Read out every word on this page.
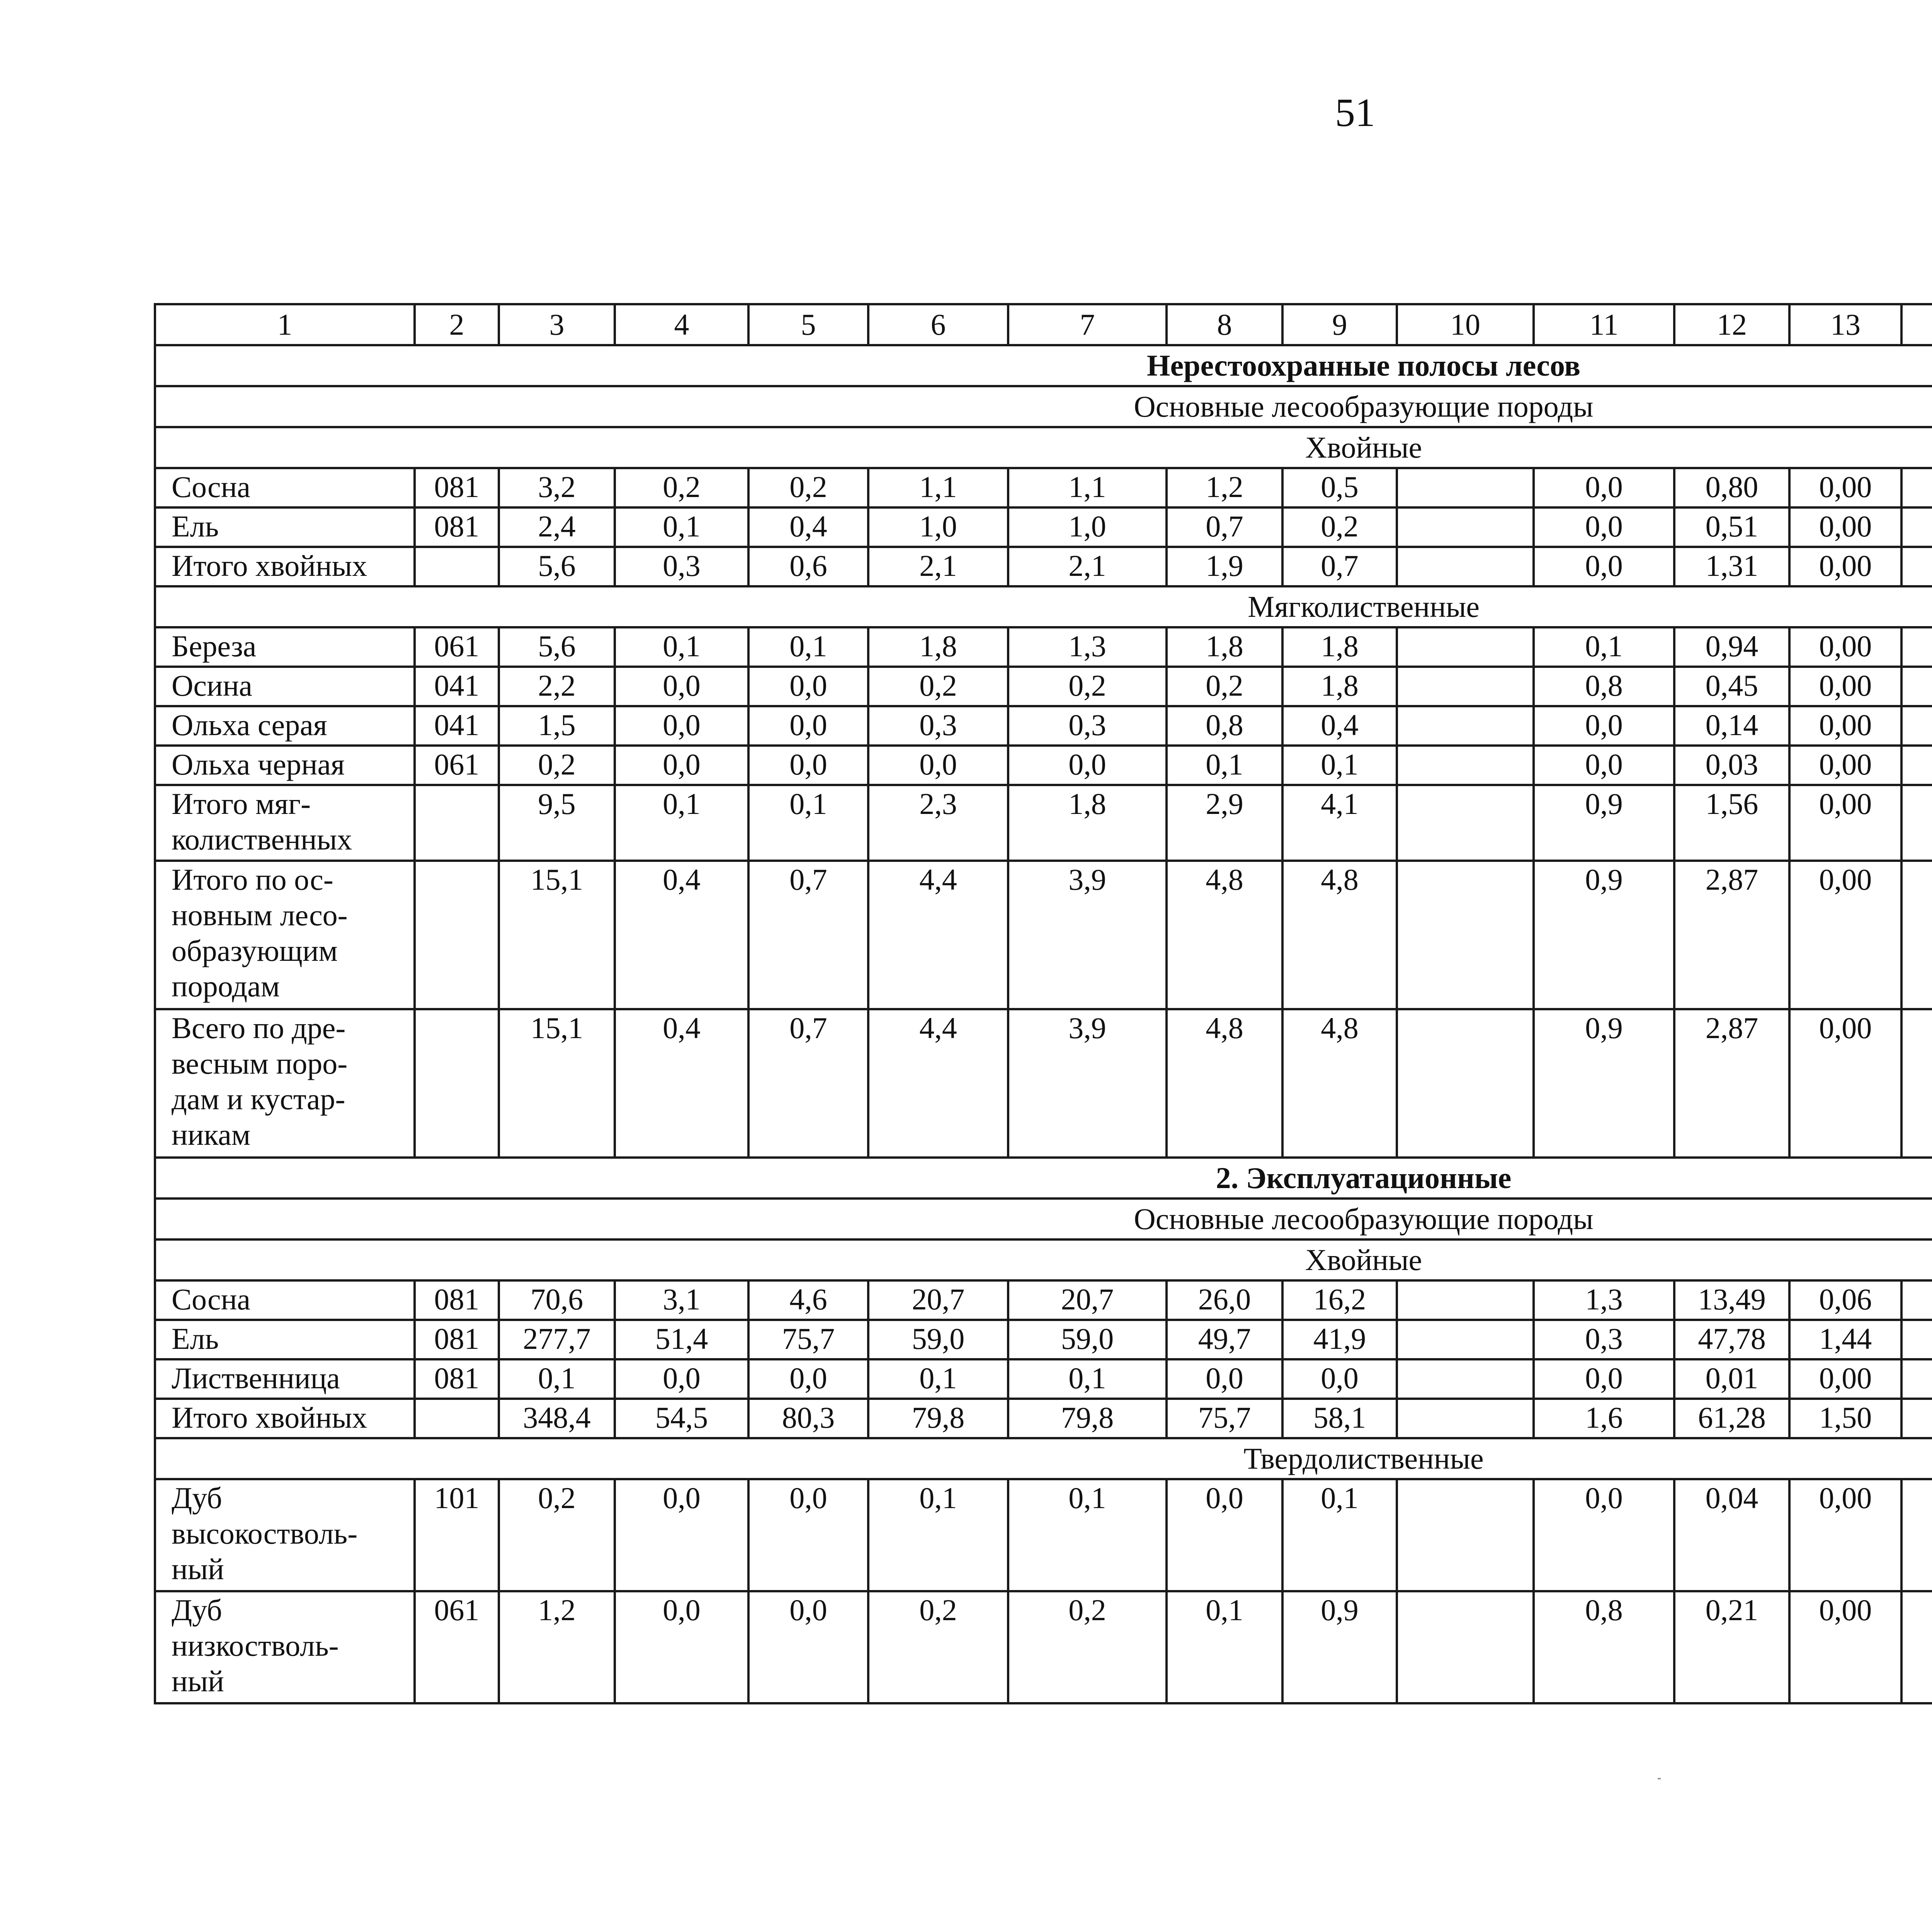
51
1	2	3	4	5	6	7	8	9	10	11	12	13						
Нерестоохранные полосы лесов																		
Основные лесообразующие породы																		
Хвойные																		
Сосна	081	3,2	0,2	0,2	1,1	1,1	1,2	0,5		0,0	0,80	0,00						
Ель	081	2,4	0,1	0,4	1,0	1,0	0,7	0,2		0,0	0,51	0,00						
Итого хвойных		5,6	0,3	0,6	2,1	2,1	1,9	0,7		0,0	1,31	0,00						
Мягколиственные																		
Береза	061	5,6	0,1	0,1	1,8	1,3	1,8	1,8		0,1	0,94	0,00						
Осина	041	2,2	0,0	0,0	0,2	0,2	0,2	1,8		0,8	0,45	0,00						
Ольха серая	041	1,5	0,0	0,0	0,3	0,3	0,8	0,4		0,0	0,14	0,00						
Ольха черная	061	0,2	0,0	0,0	0,0	0,0	0,1	0,1		0,0	0,03	0,00						
Итого мяг-
колиственных		9,5	0,1	0,1	2,3	1,8	2,9	4,1		0,9	1,56	0,00						
Итого по ос-
новным лесо-
образующим
породам		15,1	0,4	0,7	4,4	3,9	4,8	4,8		0,9	2,87	0,00						
Всего по дре-
весным поро-
дам и кустар-
никам		15,1	0,4	0,7	4,4	3,9	4,8	4,8		0,9	2,87	0,00						
2. Эксплуатационные																		
Основные лесообразующие породы																		
Хвойные																		
Сосна	081	70,6	3,1	4,6	20,7	20,7	26,0	16,2		1,3	13,49	0,06						
Ель	081	277,7	51,4	75,7	59,0	59,0	49,7	41,9		0,3	47,78	1,44						
Лиственница	081	0,1	0,0	0,0	0,1	0,1	0,0	0,0		0,0	0,01	0,00						
Итого хвойных		348,4	54,5	80,3	79,8	79,8	75,7	58,1		1,6	61,28	1,50						
Твердолиственные																		
Дуб
высокостволь-
ный	101	0,2	0,0	0,0	0,1	0,1	0,0	0,1		0,0	0,04	0,00						
Дуб
низкостволь-
ный	061	1,2	0,0	0,0	0,2	0,2	0,1	0,9		0,8	0,21	0,00						
